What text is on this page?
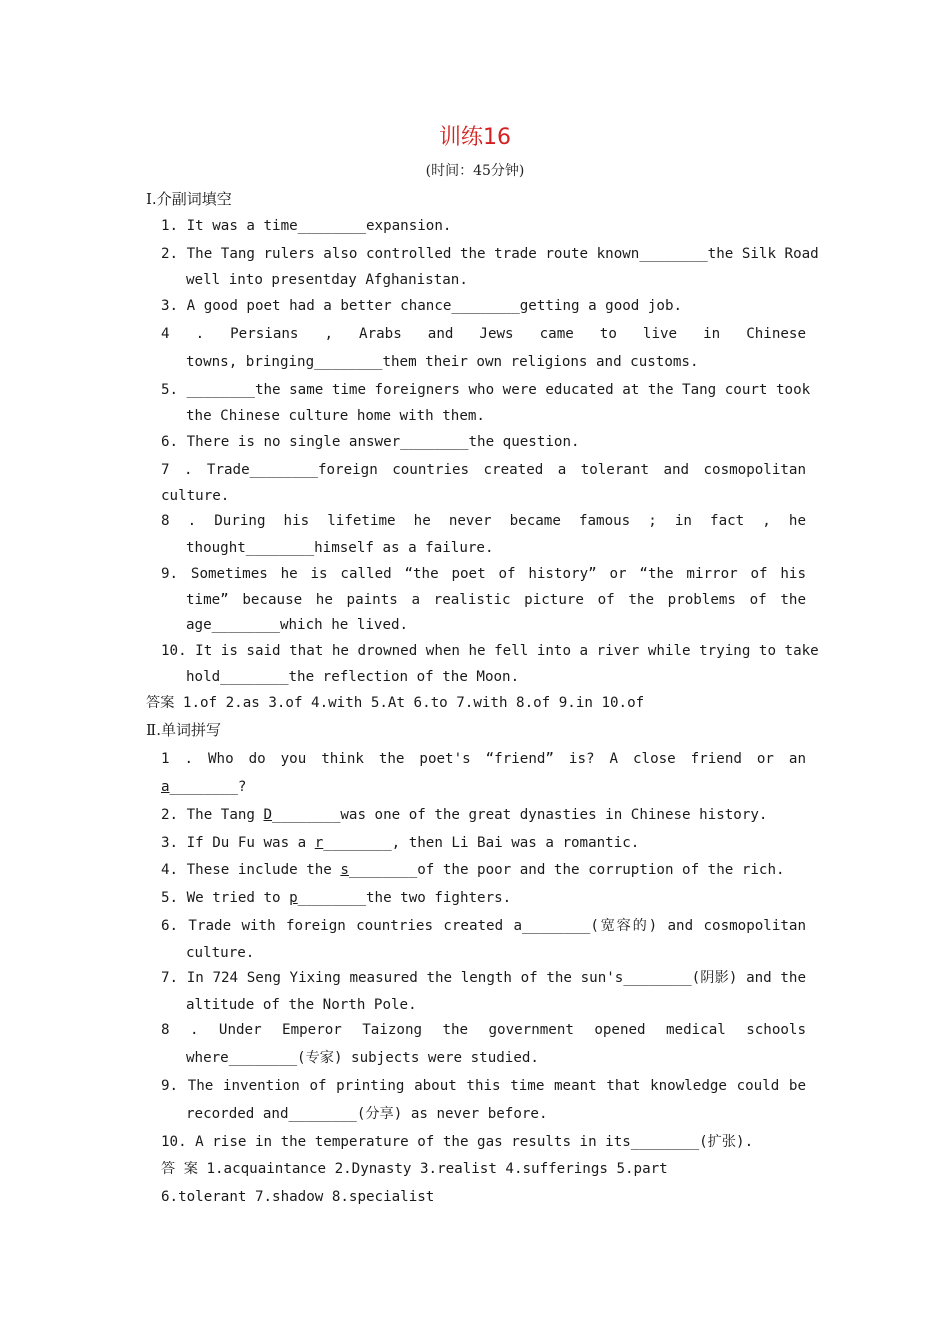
训练16
(时间：45分钟)
Ⅰ.介副词填空
1. It was a time________expansion.
2. The Tang rulers also controlled the trade route known________the Silk Road
well into presentday Afghanistan.
3. A good poet had a better chance________getting a good job.
4 . Persians , Arabs and Jews came to live in Chinese
towns, bringing________them their own religions and customs.
5. ________the same time foreigners who were educated at the Tang court took
the Chinese culture home with them.
6. There is no single answer________the question.
7 . Trade________foreign countries created a tolerant and cosmopolitan
culture.
8 . During his lifetime he never became famous ; in fact , he
thought________himself as a failure.
9. Sometimes he is called “the poet of history” or “the mirror of his
time” because he paints a realistic picture of the problems of the
age________which he lived.
10. It is said that he drowned when he fell into a river while trying to take
hold________the reflection of the Moon.
答案 1.of 2.as 3.of 4.with 5.At 6.to 7.with 8.of 9.in 10.of
Ⅱ.单词拼写
1 . Who do you think the poet's “friend” is? A close friend or an
a________?
2. The Tang D________was one of the great dynasties in Chinese history.
3. If Du Fu was a r________, then Li Bai was a romantic.
4. These include the s________of the poor and the corruption of the rich.
5. We tried to p________the two fighters.
6. Trade with foreign countries created a________(宽容的) and cosmopolitan
culture.
7. In 724 Seng Yixing measured the length of the sun's________(阴影) and the
altitude of the North Pole.
8 . Under Emperor Taizong the government opened medical schools
where________(专家) subjects were studied.
9. The invention of printing about this time meant that knowledge could be
recorded and________(分享) as never before.
10. A rise in the temperature of the gas results in its________(扩张).
答 案 1.acquaintance 2.Dynasty 3.realist 4.sufferings 5.part
6.tolerant 7.shadow 8.specialist
